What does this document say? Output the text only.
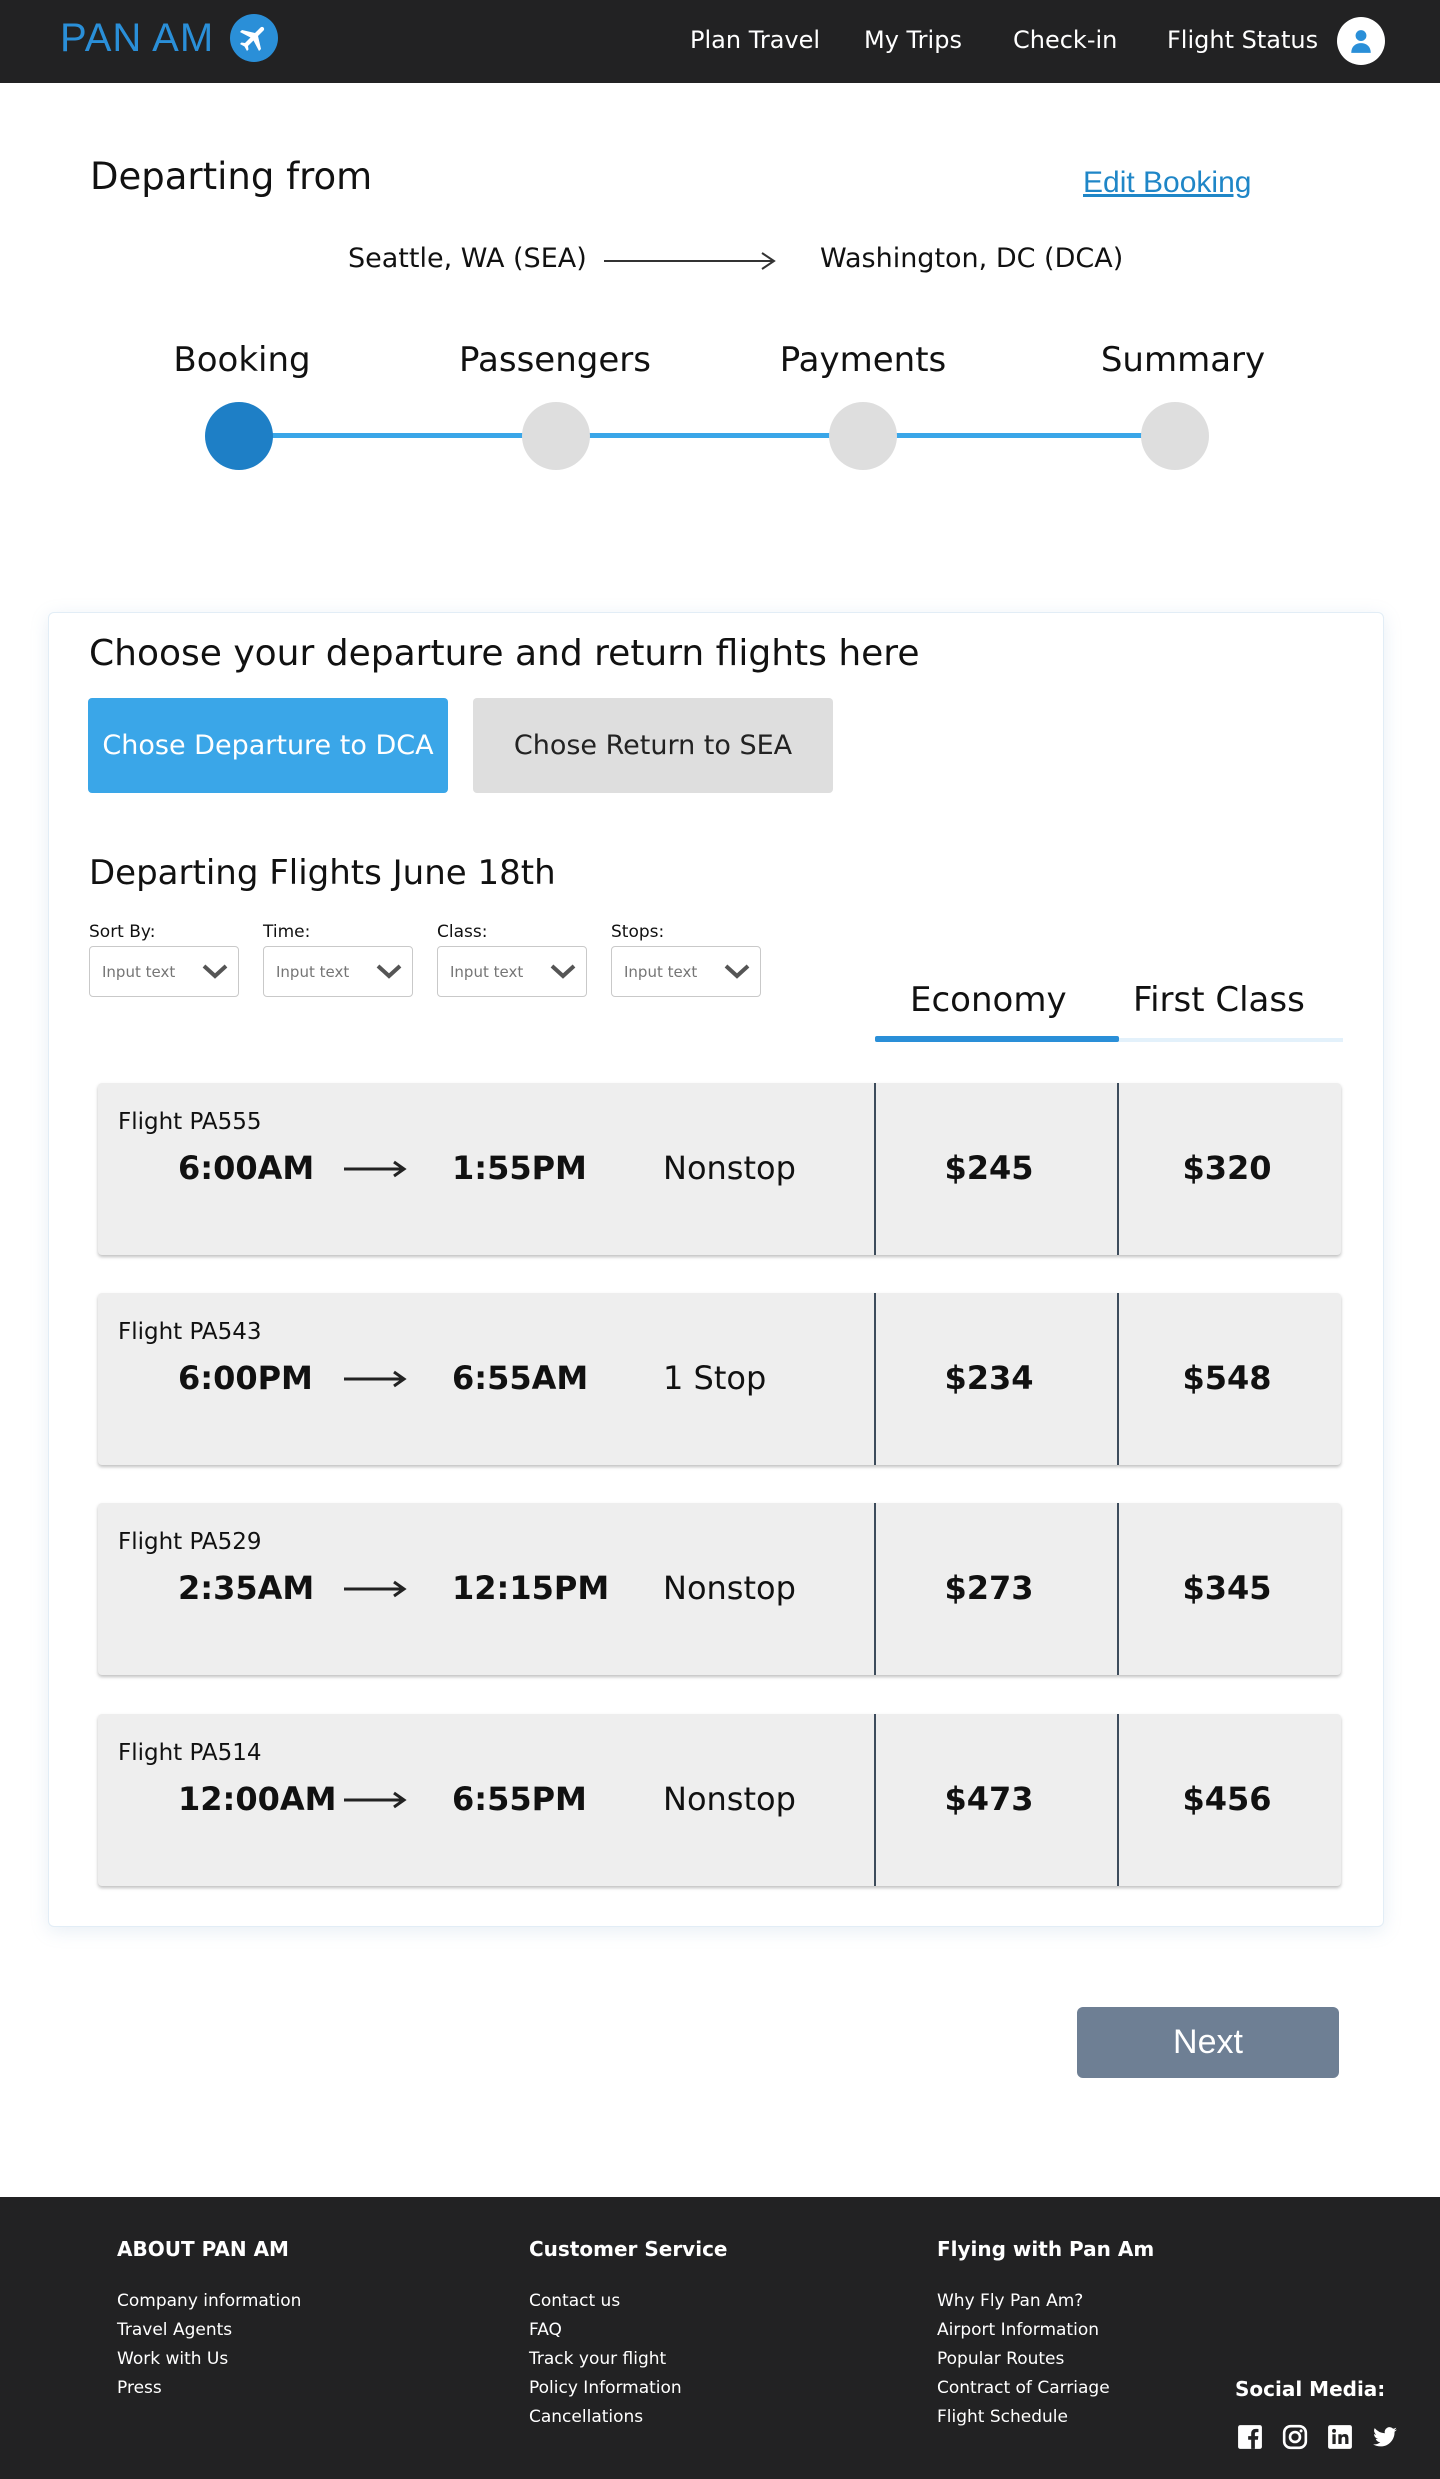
PAN AM	Plan Travel My Trips Check-in Flight Status
Departing from	Edit Booking
Seattle, WA (SEA)	Washington, DC (DCA)
Booking	Passengers	Payments	Summary
Choose your departure and return flights here
Chose Departure to DCA	Chose Return to SEA
Departing Flights June 18th
Sort By:
Input text	Time:
Input text	Class:
Input text	Stops:
Input text
Economy First Class
Flight PA555
6:00AM	1:55PM Nonstop	$245	$320
Flight PA543
6:00PM	6:55AM 1 Stop	$234	$548
Flight PA529
2:35AM	12:15PM Nonstop	$273	$345
Flight PA514
12:00AM	6:55PM Nonstop	$473	$456
Next
ABOUT PAN AM
Company information
Travel Agents
Work with Us
Press
Customer Service
Contact us
FAQ
Track your flight
Policy Information
Cancellations
Flying with Pan Am
Why Fly Pan Am?
Airport Information
Popular Routes
Contract of Carriage
Flight Schedule
Social Media:
